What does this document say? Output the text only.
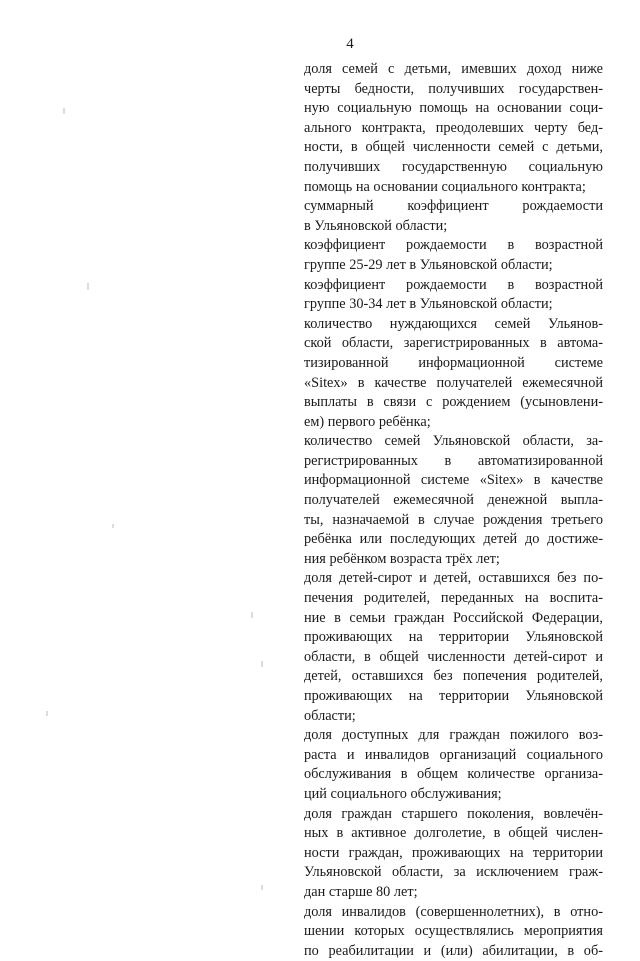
4
доля семей с детьми, имевших доход ниже
черты бедности, получивших государствен-
ную социальную помощь на основании соци-
ального контракта, преодолевших черту бед-
ности, в общей численности семей с детьми,
получивших государственную социальную
помощь на основании социального контракта;
суммарный коэффициент рождаемости
в Ульяновской области;
коэффициент рождаемости в возрастной
группе 25-29 лет в Ульяновской области;
коэффициент рождаемости в возрастной
группе 30-34 лет в Ульяновской области;
количество нуждающихся семей Ульянов-
ской области, зарегистрированных в автома-
тизированной информационной системе
«Sitex» в качестве получателей ежемесячной
выплаты в связи с рождением (усыновлени-
ем) первого ребёнка;
количество семей Ульяновской области, за-
регистрированных в автоматизированной
информационной системе «Sitex» в качестве
получателей ежемесячной денежной выпла-
ты, назначаемой в случае рождения третьего
ребёнка или последующих детей до достиже-
ния ребёнком возраста трёх лет;
доля детей-сирот и детей, оставшихся без по-
печения родителей, переданных на воспита-
ние в семьи граждан Российской Федерации,
проживающих на территории Ульяновской
области, в общей численности детей-сирот и
детей, оставшихся без попечения родителей,
проживающих на территории Ульяновской
области;
доля доступных для граждан пожилого воз-
раста и инвалидов организаций социального
обслуживания в общем количестве организа-
ций социального обслуживания;
доля граждан старшего поколения, вовлечён-
ных в активное долголетие, в общей числен-
ности граждан, проживающих на территории
Ульяновской области, за исключением граж-
дан старше 80 лет;
доля инвалидов (совершеннолетних), в отно-
шении которых осуществлялись мероприятия
по реабилитации и (или) абилитации, в об-
